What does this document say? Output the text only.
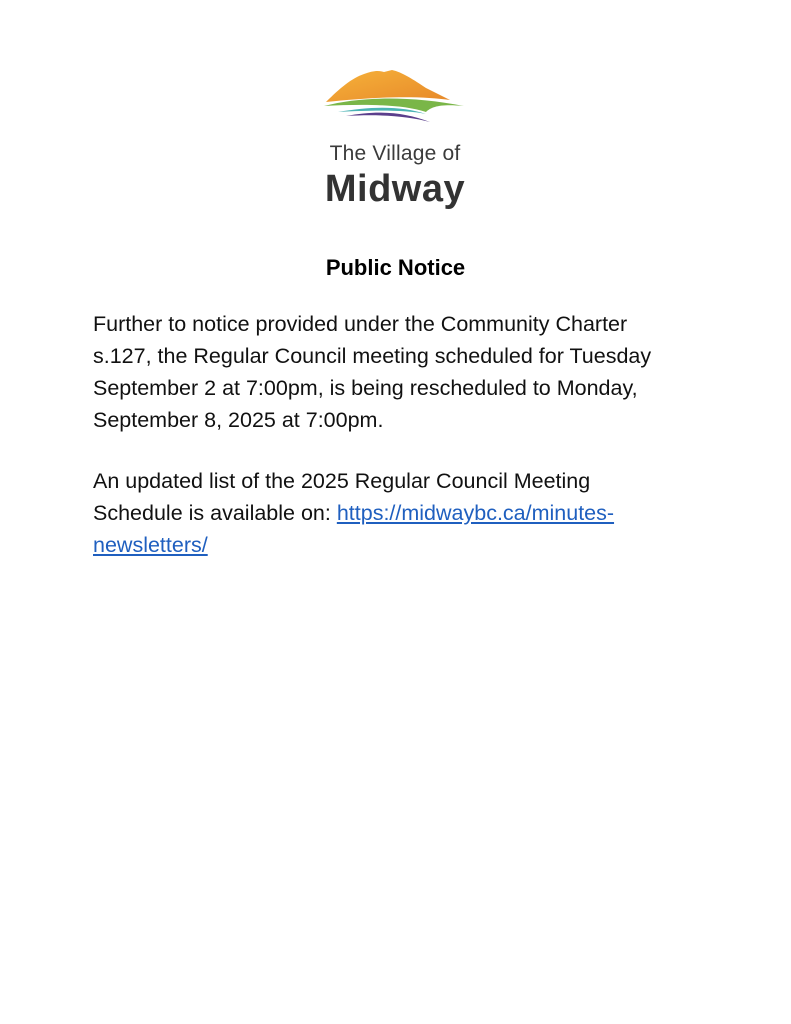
The Village of
Midway
Public Notice
Further to notice provided under the Community Charter
s.127, the Regular Council meeting scheduled for Tuesday
September 2 at 7:00pm, is being rescheduled to Monday,
September 8, 2025 at 7:00pm.
An updated list of the 2025 Regular Council Meeting
Schedule is available on: https://midwaybc.ca/minutes-
newsletters/
